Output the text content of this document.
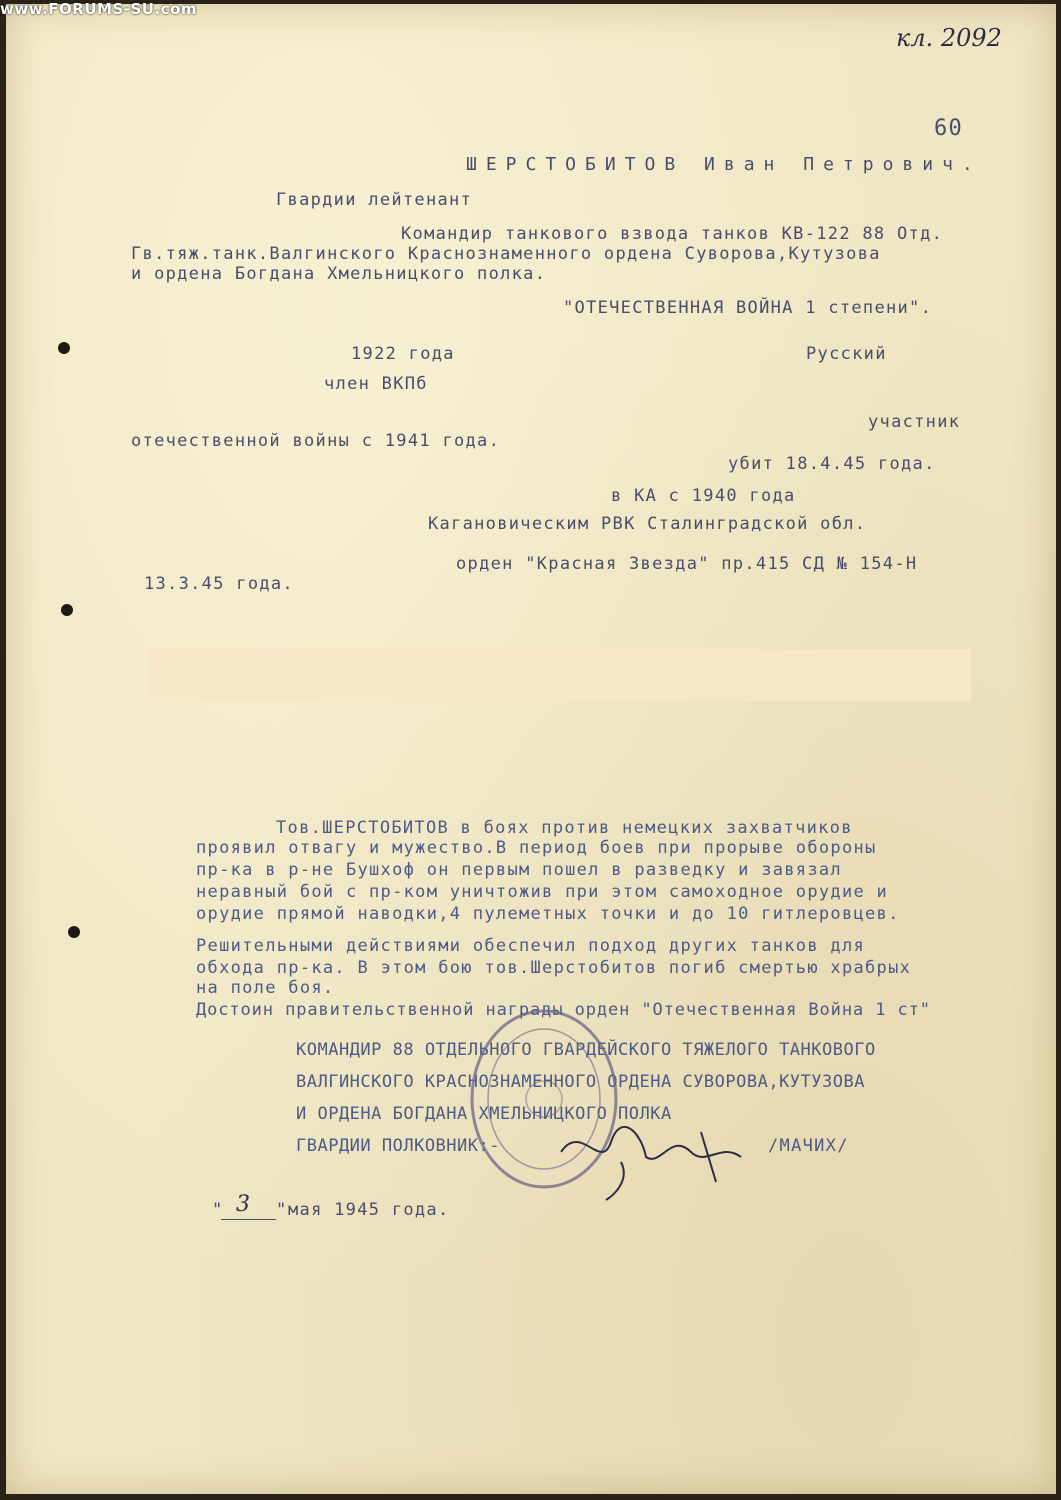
кл. 2092
60
ШЕРСТОБИТОВ Иван Петрович.
Гвардии лейтенант
Командир танкового взвода танков КВ-122 88 Отд.
Гв.тяж.танк.Валгинского Краснознаменного ордена Суворова,Кутузова
и ордена Богдана Хмельницкого полка.
"ОТЕЧЕСТВЕННАЯ ВОЙНА 1 степени".
1922 года	Русский
член ВКПб
участник
отечественной войны с 1941 года.
убит 18.4.45 года.
в КА с 1940 года
Кагановическим РВК Сталинградской обл.
орден "Красная Звезда" пр.415 СД № 154-Н
13.3.45 года.
Тов.ШЕРСТОБИТОВ в боях против немецких захватчиков
проявил отвагу и мужество.В период боев при прорыве обороны
пр-ка в р-не Бушхоф он первым пошел в разведку и завязал
неравный бой с пр-ком уничтожив при этом самоходное орудие и
орудие прямой наводки,4 пулеметных точки и до 10 гитлеровцев.
Решительными действиями обеспечил подход других танков для
обхода пр-ка. В этом бою тов.Шерстобитов погиб смертью храбрых
на поле боя.
Достоин правительственной награды орден "Отечественная Война 1 ст"
КОМАНДИР 88 ОТДЕЛЬНОГО ГВАРДЕЙСКОГО ТЯЖЕЛОГО ТАНКОВОГО
ВАЛГИНСКОГО КРАСНОЗНАМЕННОГО ОРДЕНА СУВОРОВА,КУТУЗОВА
И ОРДЕНА БОГДАНА ХМЕЛЬНИЦКОГО ПОЛКА
ГВАРДИИ ПОЛКОВНИК:-	/МАЧИХ/
" 3 " мая 1945 года.
www.FORUMS-SU.com
